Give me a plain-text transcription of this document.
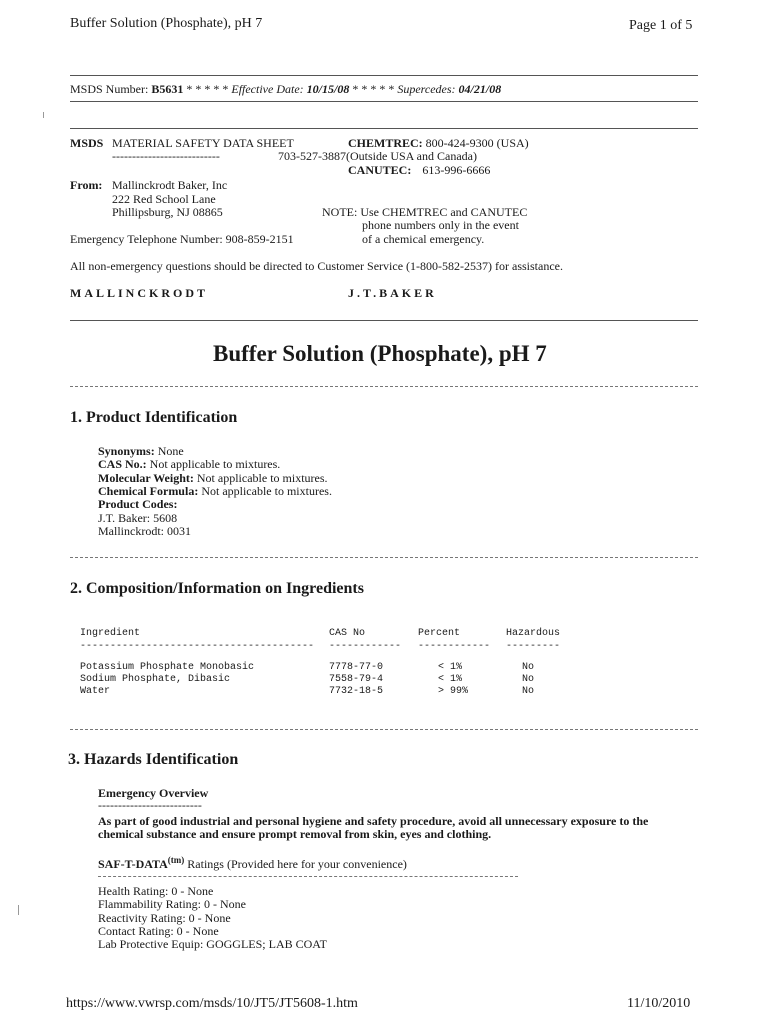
Buffer Solution (Phosphate), pH 7	Page 1 of 5
MSDS Number: B5631 * * * * * Effective Date: 10/15/08 * * * * * Supercedes: 04/21/08
MSDS MATERIAL SAFETY DATA SHEET
---------------------------
CHEMTREC: 800-424-9300 (USA)
703-527-3887(Outside USA and Canada)
CANUTEC: 613-996-6666
From: Mallinckrodt Baker, Inc
222 Red School Lane
Phillipsburg, NJ 08865	NOTE: Use CHEMTREC and CANUTEC
phone numbers only in the event
of a chemical emergency.
Emergency Telephone Number: 908-859-2151
All non-emergency questions should be directed to Customer Service (1-800-582-2537) for assistance.
MALLINCKRODT	J.T.BAKER
Buffer Solution (Phosphate), pH 7
1. Product Identification
Synonyms: None
CAS No.: Not applicable to mixtures.
Molecular Weight: Not applicable to mixtures.
Chemical Formula: Not applicable to mixtures.
Product Codes:
J.T. Baker: 5608
Mallinckrodt: 0031
2. Composition/Information on Ingredients
Ingredient	CAS No	Percent	Hazardous
--------------------------------------- ------------ ------------ ---------
Potassium Phosphate Monobasic	7778-77-0	< 1%	No
Sodium Phosphate, Dibasic	7558-79-4	< 1%	No
Water	7732-18-5	> 99%	No
3. Hazards Identification
Emergency Overview
--------------------------
As part of good industrial and personal hygiene and safety procedure, avoid all unnecessary exposure to the
chemical substance and ensure prompt removal from skin, eyes and clothing.
SAF-$T-DATA^{(tm)}$ Ratings (Provided here for your convenience)
Health Rating: 0 - None
Flammability Rating: 0 - None
Reactivity Rating: 0 - None
Contact Rating: 0 - None
Lab Protective Equip: GOGGLES; LAB COAT
https://www.vwrsp.com/msds/10/JT5/JT5608-1.htm	11/10/2010
